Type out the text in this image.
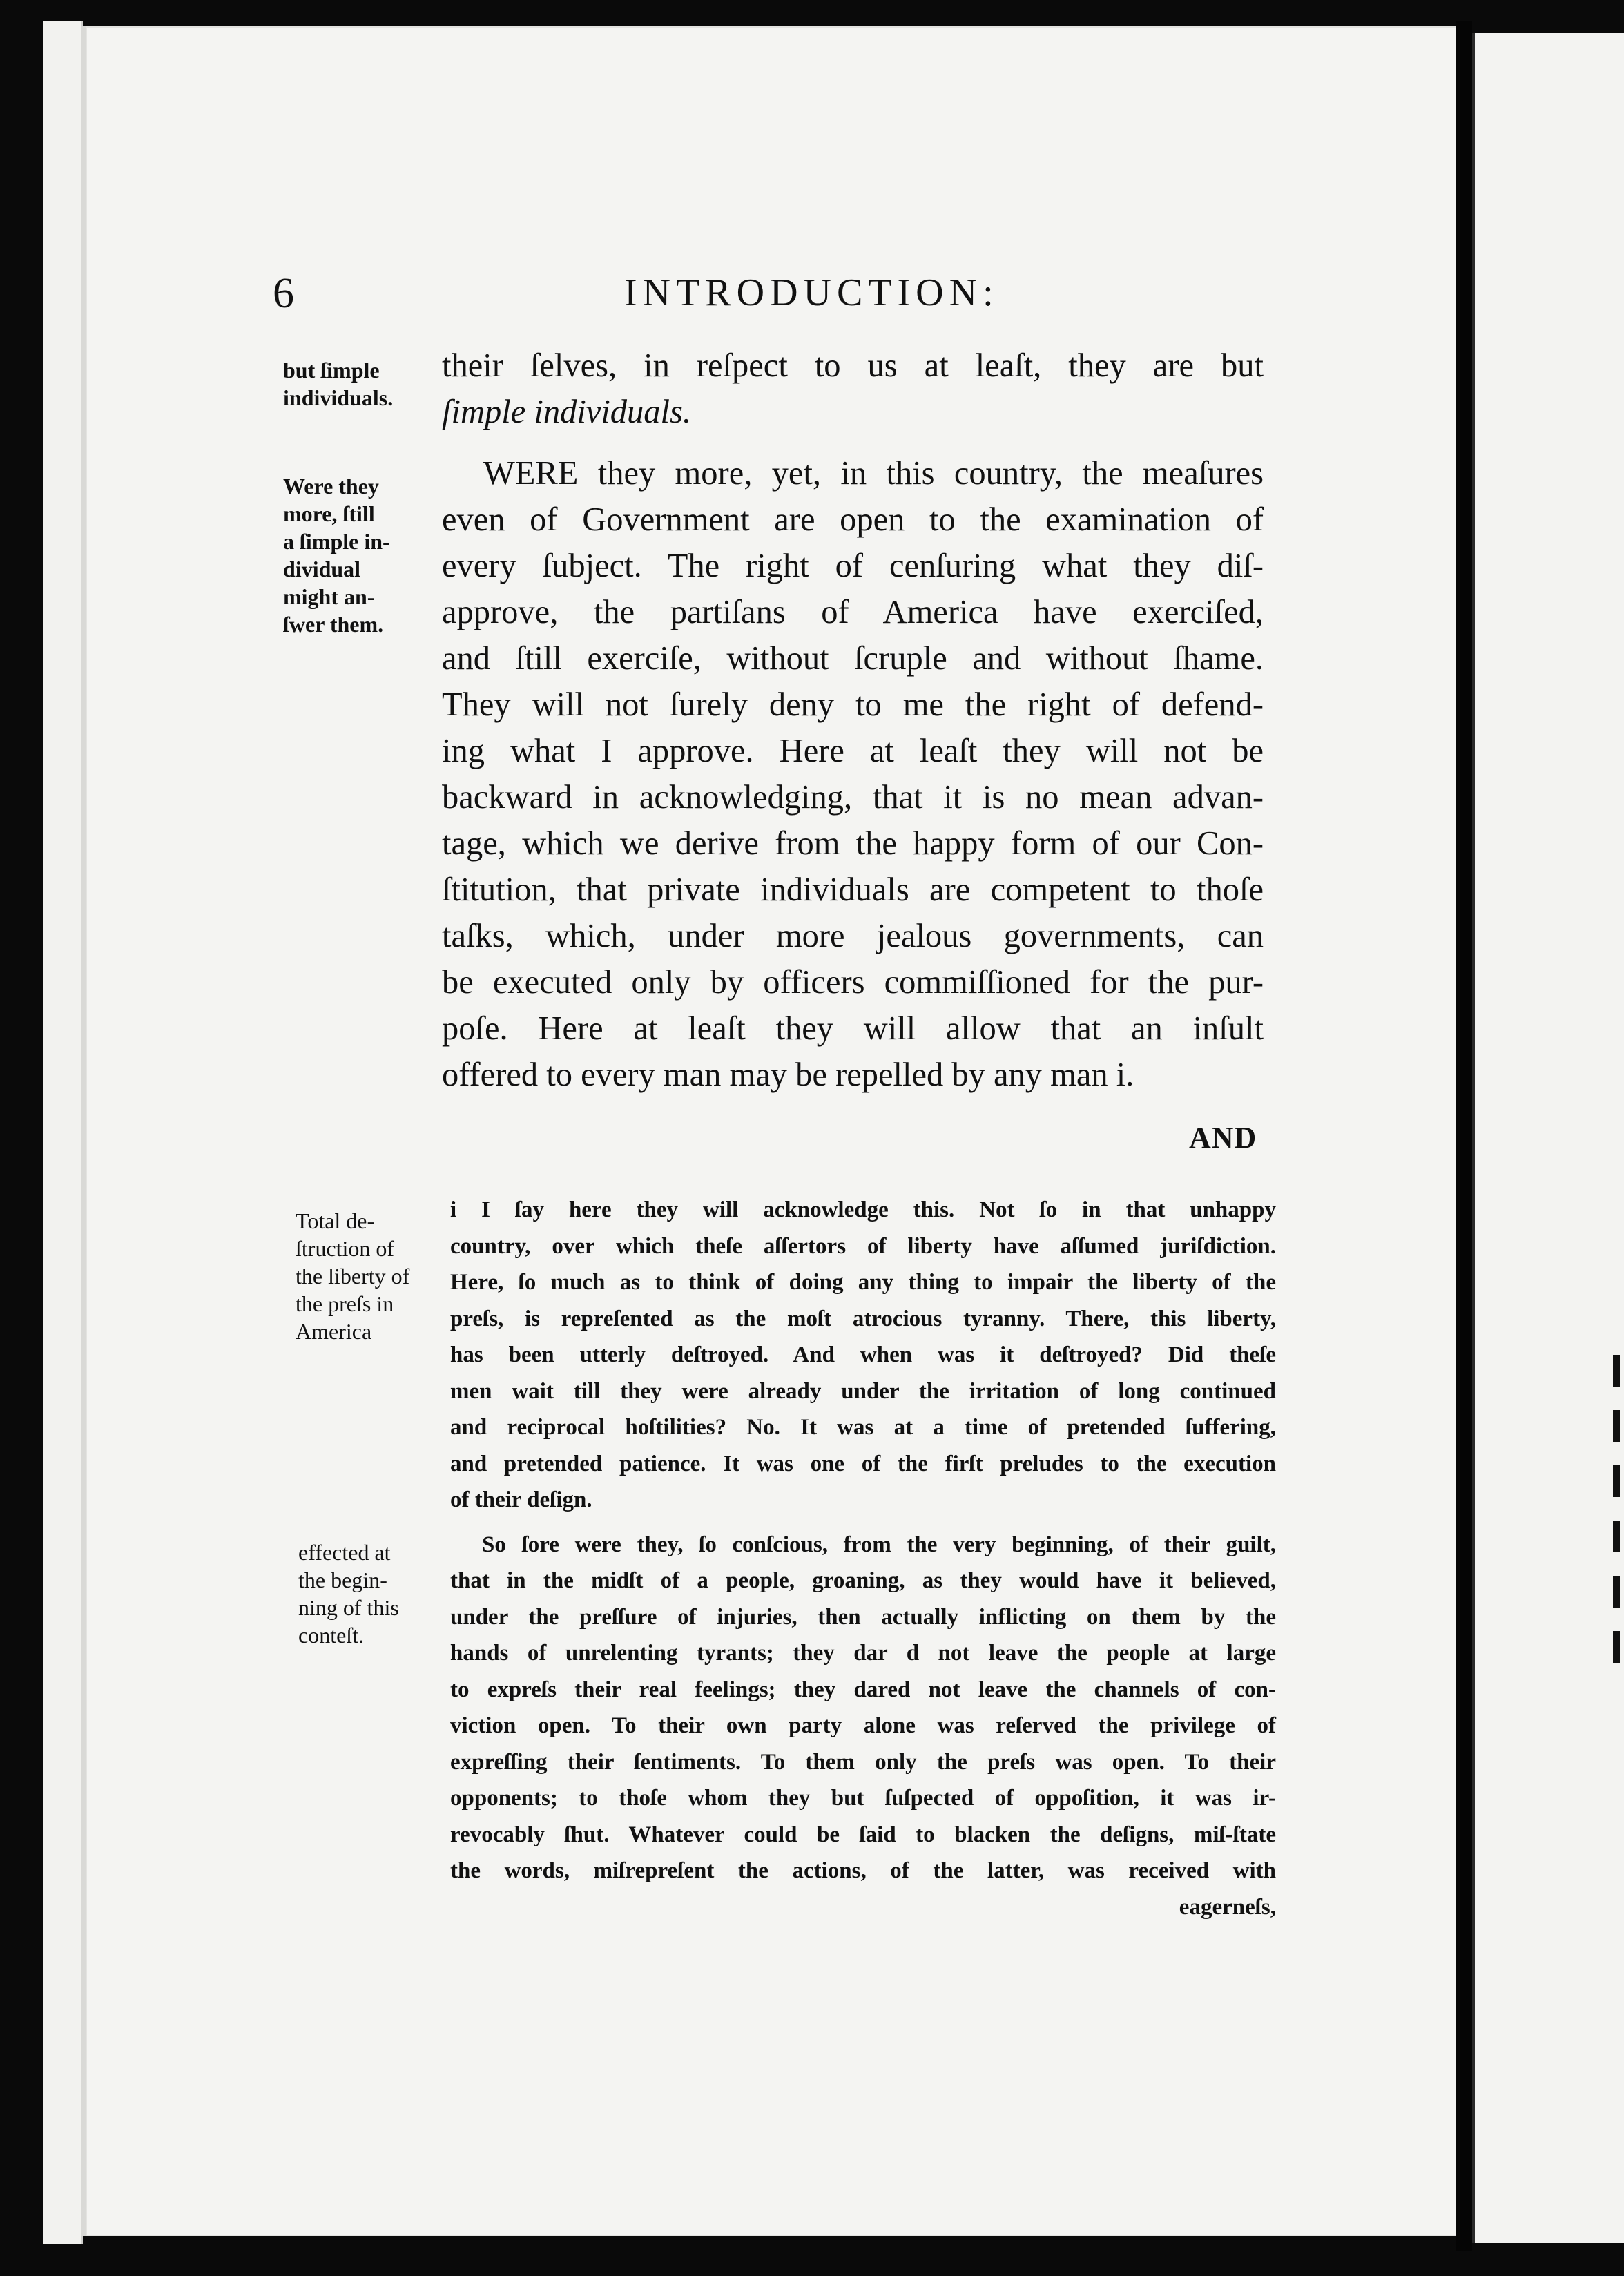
6	INTRODUCTION:
but ſimple
individuals.
Were they
more, ſtill
a ſimple in-
dividual
might an-
ſwer them.
Total de-
ſtruction of
the liberty of
the preſs in
America
effected at
the begin-
ning of this
conteſt.
their ſelves, in reſpect to us at leaſt, they are but
ſimple individuals.
WERE they more, yet, in this country, the meaſures
even of Government are open to the examination of
every ſubject. The right of cenſuring what they diſ-
approve, the partiſans of America have exerciſed,
and ſtill exerciſe, without ſcruple and without ſhame.
They will not ſurely deny to me the right of defend-
ing what I approve. Here at leaſt they will not be
backward in acknowledging, that it is no mean advan-
tage, which we derive from the happy form of our Con-
ſtitution, that private individuals are competent to thoſe
taſks, which, under more jealous governments, can
be executed only by officers commiſſioned for the pur-
poſe. Here at leaſt they will allow that an inſult
offered to every man may be repelled by any man i.
AND
i I ſay here they will acknowledge this. Not ſo in that unhappy
country, over which theſe aſſertors of liberty have aſſumed juriſdiction.
Here, ſo much as to think of doing any thing to impair the liberty of the
preſs, is repreſented as the moſt atrocious tyranny. There, this liberty,
has been utterly deſtroyed. And when was it deſtroyed? Did theſe
men wait till they were already under the irritation of long continued
and reciprocal hoſtilities? No. It was at a time of pretended ſuffering,
and pretended patience. It was one of the firſt preludes to the execution
of their deſign.
So ſore were they, ſo conſcious, from the very beginning, of their guilt,
that in the midſt of a people, groaning, as they would have it believed,
under the preſſure of injuries, then actually inflicting on them by the
hands of unrelenting tyrants; they dar d not leave the people at large
to expreſs their real feelings; they dared not leave the channels of con-
viction open. To their own party alone was reſerved the privilege of
expreſſing their ſentiments. To them only the preſs was open. To their
opponents; to thoſe whom they but ſuſpected of oppoſition, it was ir-
revocably ſhut. Whatever could be ſaid to blacken the deſigns, miſ-ſtate
the words, miſrepreſent the actions, of the latter, was received with
eagerneſs,
